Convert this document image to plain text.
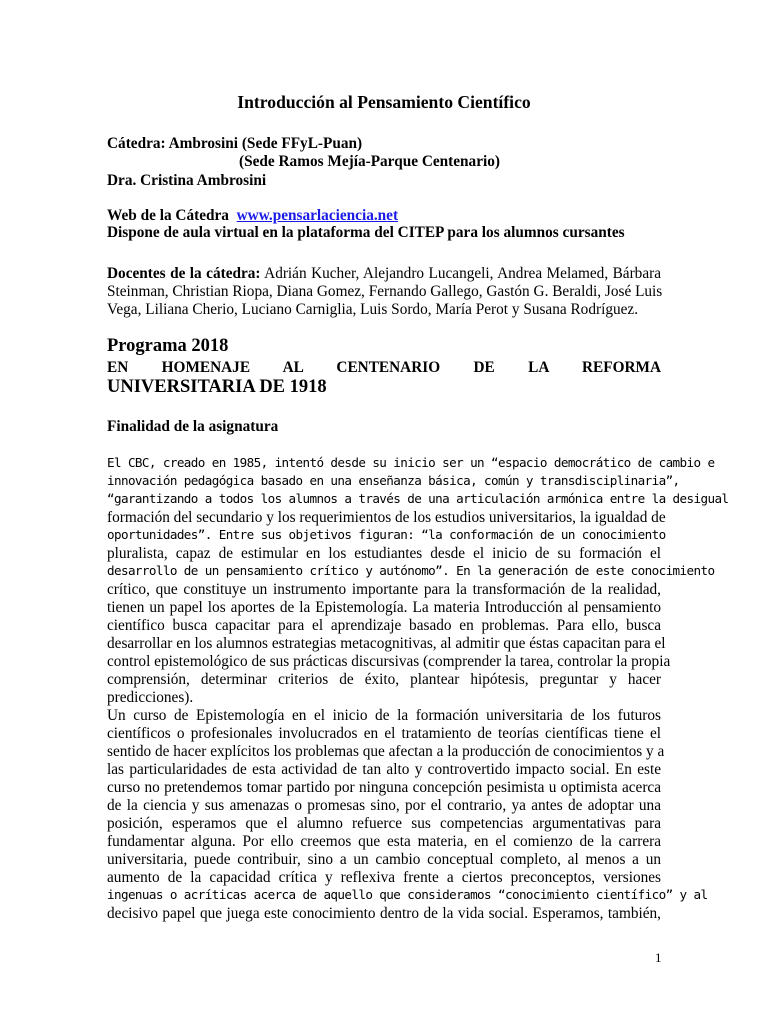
Introducción al Pensamiento Científico
Cátedra: Ambrosini (Sede FFyL-Puan)
(Sede Ramos Mejía-Parque Centenario)
Dra. Cristina Ambrosini
Web de la Cátedra www.pensarlaciencia.net
Dispone de aula virtual en la plataforma del CITEP para los alumnos cursantes
Docentes de la cátedra: Adrián Kucher, Alejandro Lucangeli, Andrea Melamed, Bárbara
Steinman, Christian Riopa, Diana Gomez, Fernando Gallego, Gastón G. Beraldi, José Luis
Vega, Liliana Cherio, Luciano Carniglia, Luis Sordo, María Perot y Susana Rodríguez.
Programa 2018
EN HOMENAJE AL CENTENARIO DE LA REFORMA
UNIVERSITARIA DE 1918
Finalidad de la asignatura
El CBC, creado en 1985, intentó desde su inicio ser un “espacio democrático de cambio e
innovación pedagógica basado en una enseñanza básica, común y transdisciplinaria”,
“garantizando a todos los alumnos a través de una articulación armónica entre la desigual
formación del secundario y los requerimientos de los estudios universitarios, la igualdad de
oportunidades”. Entre sus objetivos figuran: “la conformación de un conocimiento
pluralista, capaz de estimular en los estudiantes desde el inicio de su formación el
desarrollo de un pensamiento crítico y autónomo”. En la generación de este conocimiento
crítico, que constituye un instrumento importante para la transformación de la realidad,
tienen un papel los aportes de la Epistemología. La materia Introducción al pensamiento
científico busca capacitar para el aprendizaje basado en problemas. Para ello, busca
desarrollar en los alumnos estrategias metacognitivas, al admitir que éstas capacitan para el
control epistemológico de sus prácticas discursivas (comprender la tarea, controlar la propia
comprensión, determinar criterios de éxito, plantear hipótesis, preguntar y hacer
predicciones).
Un curso de Epistemología en el inicio de la formación universitaria de los futuros
científicos o profesionales involucrados en el tratamiento de teorías científicas tiene el
sentido de hacer explícitos los problemas que afectan a la producción de conocimientos y a
las particularidades de esta actividad de tan alto y controvertido impacto social. En este
curso no pretendemos tomar partido por ninguna concepción pesimista u optimista acerca
de la ciencia y sus amenazas o promesas sino, por el contrario, ya antes de adoptar una
posición, esperamos que el alumno refuerce sus competencias argumentativas para
fundamentar alguna. Por ello creemos que esta materia, en el comienzo de la carrera
universitaria, puede contribuir, sino a un cambio conceptual completo, al menos a un
aumento de la capacidad crítica y reflexiva frente a ciertos preconceptos, versiones
ingenuas o acríticas acerca de aquello que consideramos “conocimiento científico” y al
decisivo papel que juega este conocimiento dentro de la vida social. Esperamos, también,
1
